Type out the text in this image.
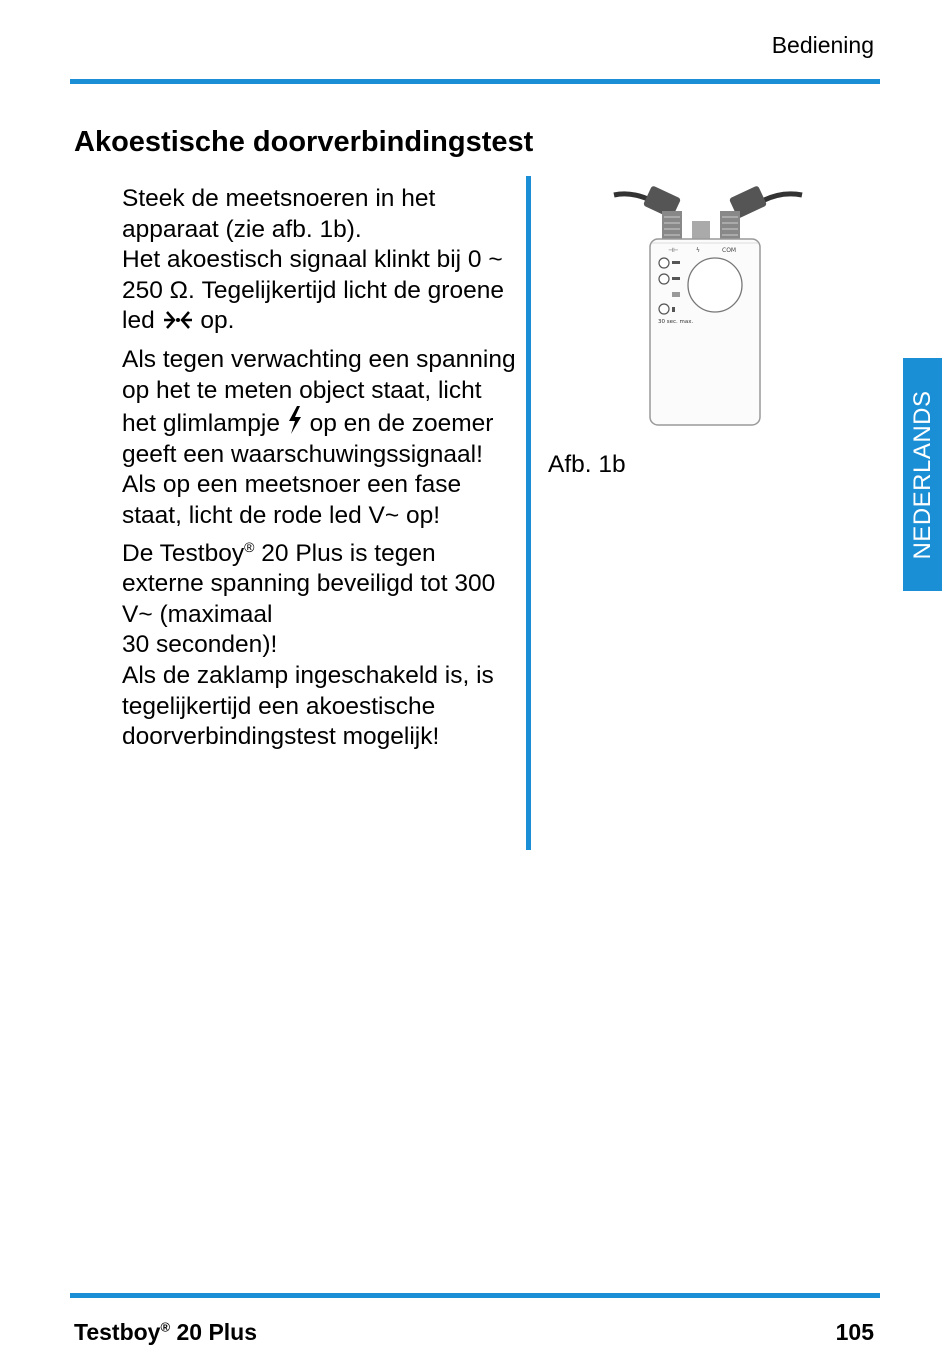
Bediening
Akoestische doorverbindingstest

Steek de meetsnoeren in het apparaat (zie afb. 1b).
Het akoestisch signaal klinkt bij 0 ~ 250 Ω. Tegelijkertijd licht de groene led op.

Als tegen verwachting een spanning op het te meten object staat, licht het glimlampje op en de zoemer geeft een waarschuwingssignaal!
Als op een meetsnoer een fase staat, licht de rode led V~ op!
De Testboy® 20 Plus is tegen externe spanning beveiligd tot 300 V~ (maximaal
30 seconden)!
Als de zaklamp ingeschakeld is, is tegelijkertijd een akoestische doorverbindingstest mogelijk!

⊣⊢	ϟ	COM
30 sec. max.
Afb. 1b	NEDERLANDS
Testboy® 20 Plus	105
